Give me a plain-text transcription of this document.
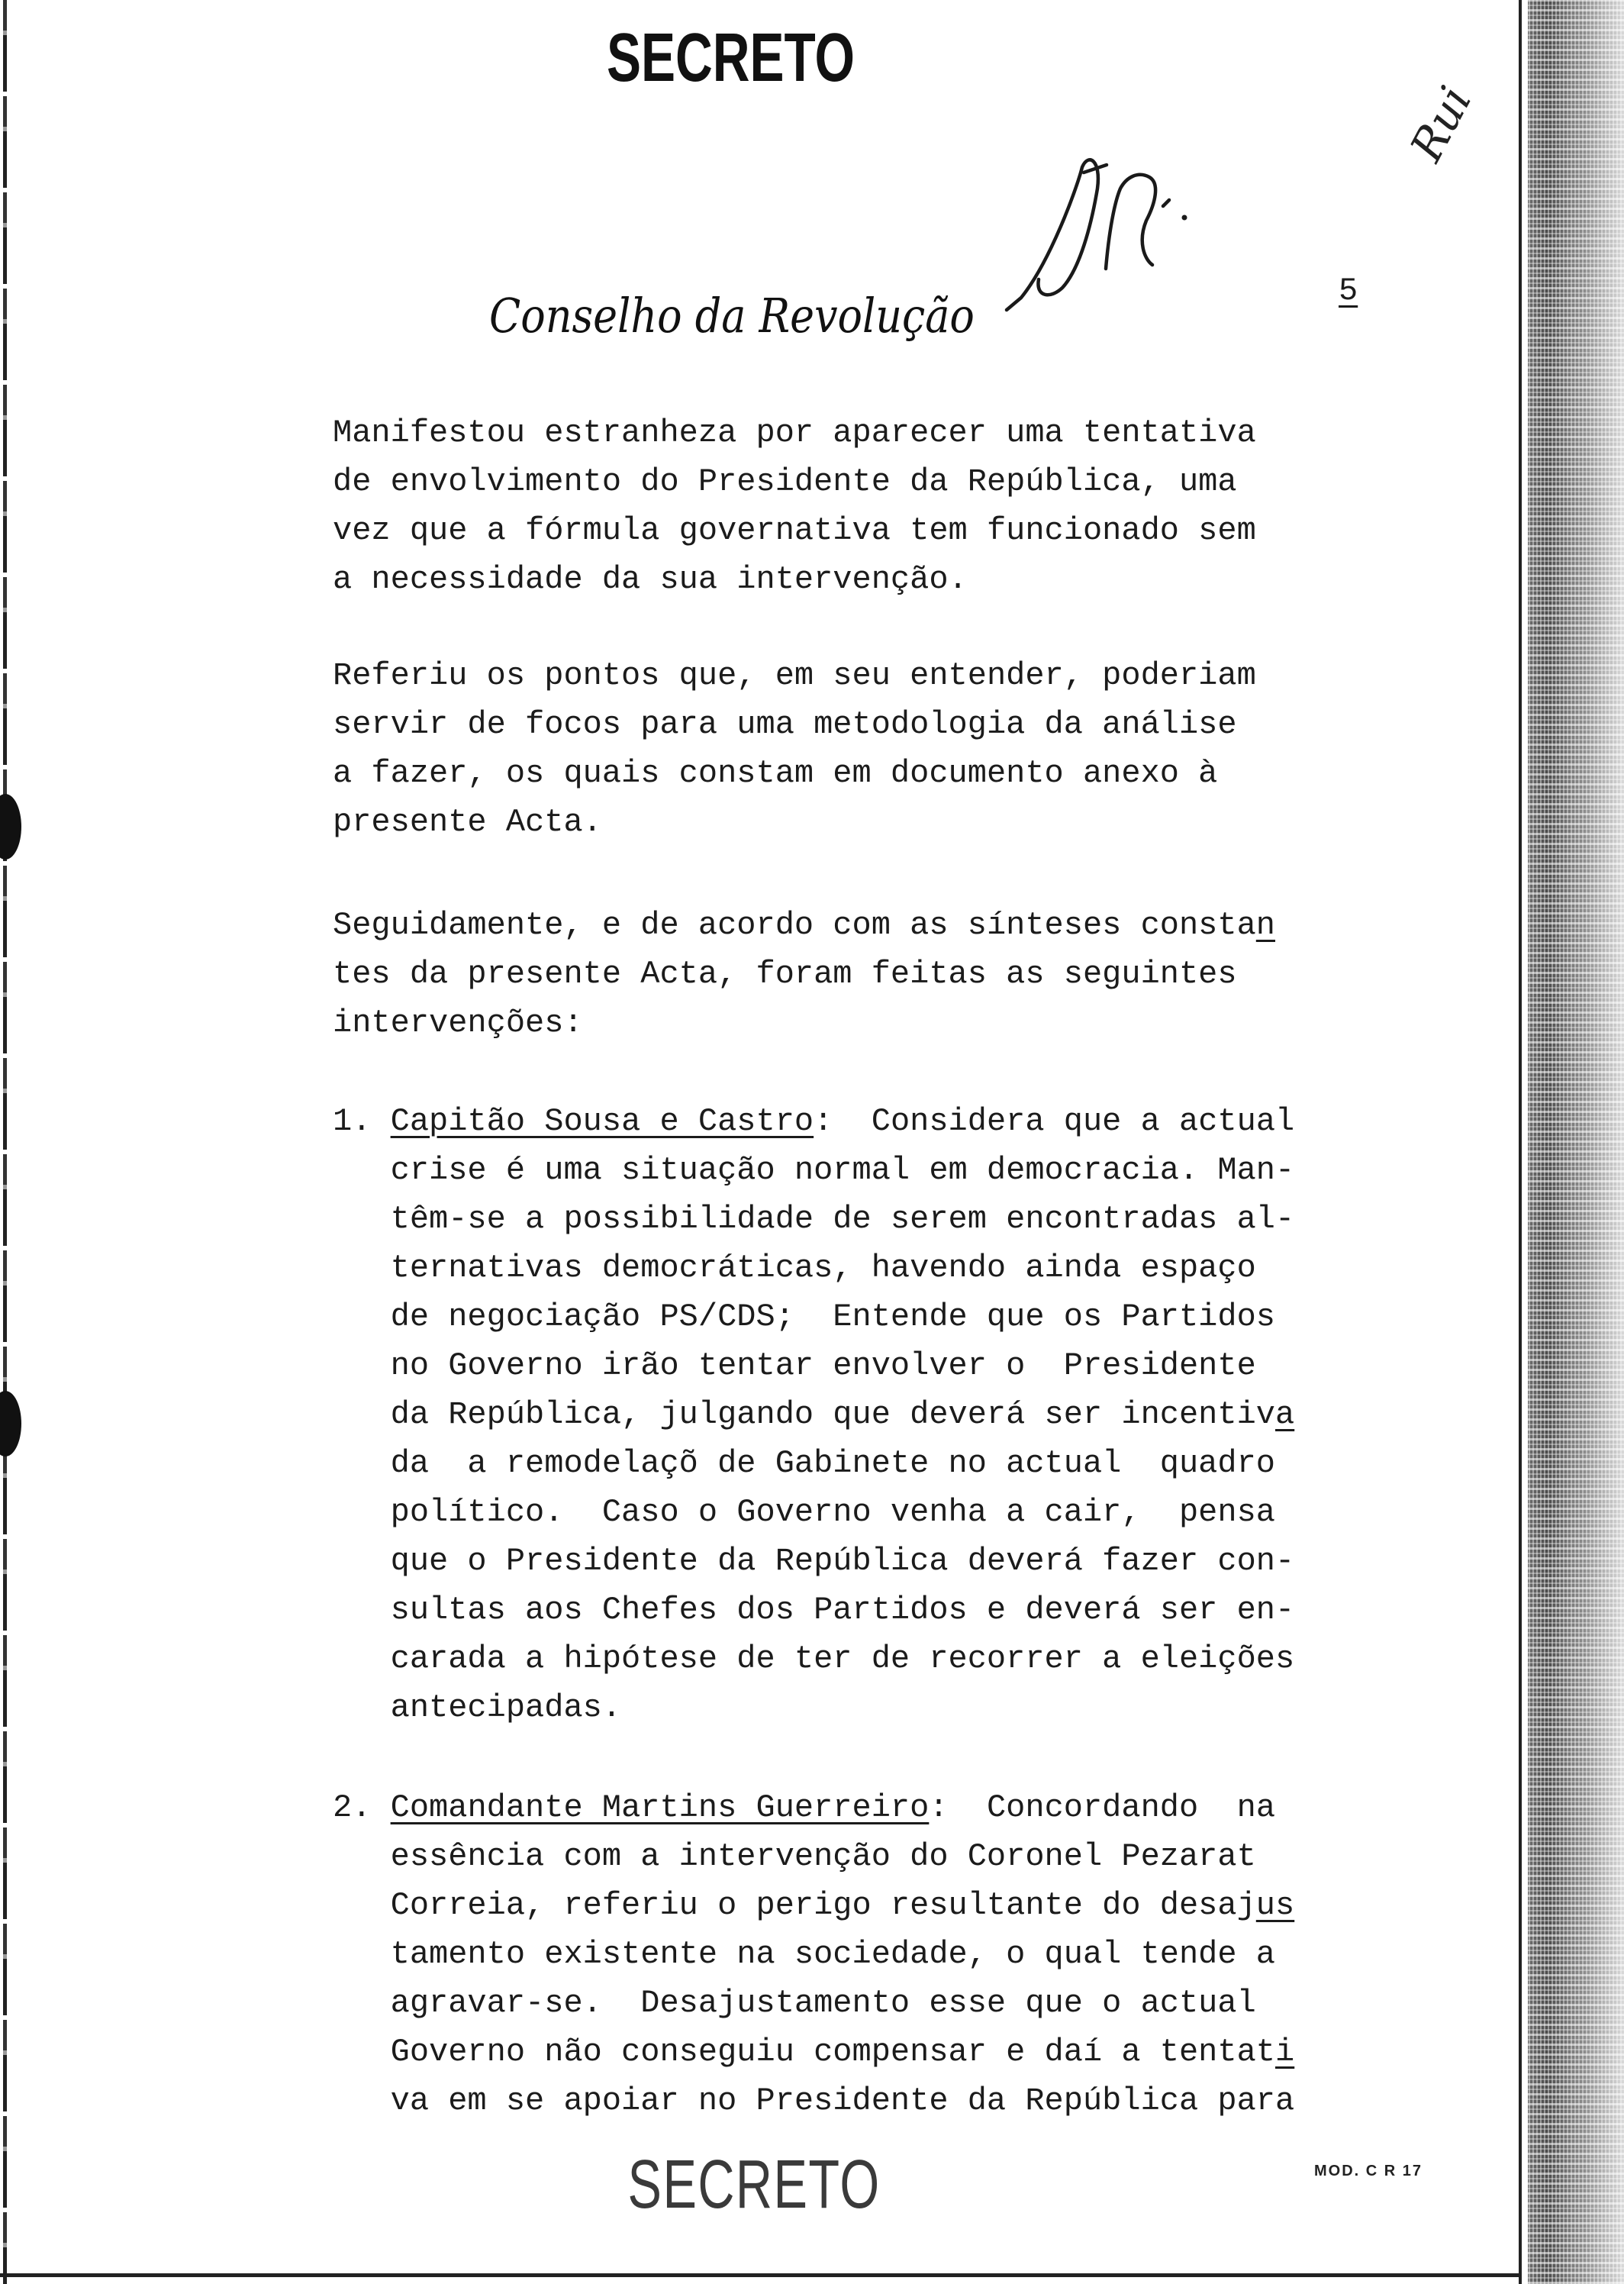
SECRETO
Rui
Conselho da Revolução	5
Manifestou estranheza por aparecer uma tentativa
de envolvimento do Presidente da República, uma
vez que a fórmula governativa tem funcionado sem
a necessidade da sua intervenção.
Referiu os pontos que, em seu entender, poderiam
servir de focos para uma metodologia da análise
a fazer, os quais constam em documento anexo à
presente Acta.
Seguidamente, e de acordo com as sínteses constan
tes da presente Acta, foram feitas as seguintes
intervenções:
1. Capitão Sousa e Castro:  Considera que a actual
crise é uma situação normal em democracia. Man-
têm-se a possibilidade de serem encontradas al-
ternativas democráticas, havendo ainda espaço
de negociação PS/CDS;  Entende que os Partidos
no Governo irão tentar envolver o  Presidente
da República, julgando que deverá ser incentiva
da  a remodelaçõ de Gabinete no actual  quadro
político.  Caso o Governo venha a cair,  pensa
que o Presidente da República deverá fazer con-
sultas aos Chefes dos Partidos e deverá ser en-
carada a hipótese de ter de recorrer a eleições
antecipadas.
2. Comandante Martins Guerreiro:  Concordando  na
essência com a intervenção do Coronel Pezarat
Correia, referiu o perigo resultante do desajus
tamento existente na sociedade, o qual tende a
agravar-se.  Desajustamento esse que o actual
Governo não conseguiu compensar e daí a tentati
va em se apoiar no Presidente da República para
SECRETO	MOD. C R 17
